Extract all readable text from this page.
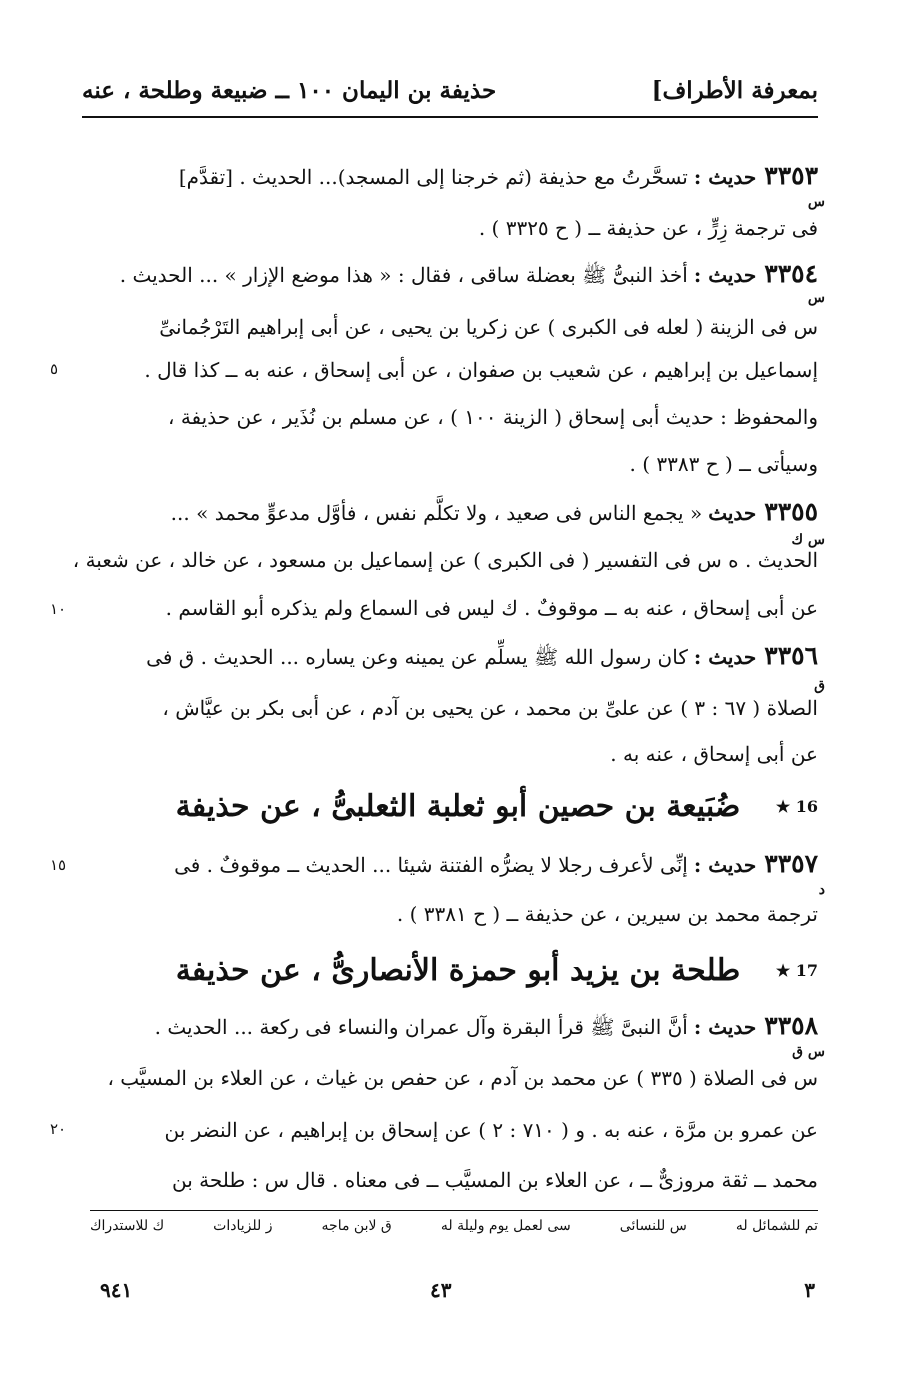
بمعرفة الأطراف]
حذيفة بن اليمان ١٠٠ ــ ضبيعة وطلحة ، عنه
٣٣٥٣حديث :تسحَّرتُ مع حذيفة (ثم خرجنا إلى المسجد)... الحديث . [تقدَّم]
س
فى ترجمة زِرٍّ ، عن حذيفة ــ ( ح ٣٣٢٥ ) .
٣٣٥٤حديث :أخذ النبىُّ ﷺ بعضلة ساقى ، فقال : « هذا موضع الإزار » ... الحديث .
س
س فى الزينة ( لعله فى الكبرى ) عن زكريا بن يحيى ، عن أبى إبراهيم التَرْجُمانىِّ
إسماعيل بن إبراهيم ، عن شعيب بن صفوان ، عن أبى إسحاق ، عنه به ــ كذا قال .
٥
والمحفوظ : حديث أبى إسحاق ( الزينة ١٠٠ ) ، عن مسلم بن نُذَير ، عن حذيفة ،
وسيأتى ــ ( ح ٣٣٨٣ ) .
٣٣٥٥حديث« يجمع الناس فى صعيد ، ولا تكلَّم نفس ، فأوَّل مدعوٍّ محمد » ...
س ك
الحديث . ه س فى التفسير ( فى الكبرى ) عن إسماعيل بن مسعود ، عن خالد ، عن شعبة ،
عن أبى إسحاق ، عنه به ــ موقوفٌ . ك ليس فى السماع ولم يذكره أبو القاسم .
١٠
٣٣٥٦حديث :كان رسول الله ﷺ يسلِّم عن يمينه وعن يساره ... الحديث . ق فى
ق
الصلاة ( ٦٧ : ٣ ) عن علىِّ بن محمد ، عن يحيى بن آدم ، عن أبى بكر بن عيَّاش ،
عن أبى إسحاق ، عنه به .
16 ★
ضُبَيعة بن حصين أبو ثعلبة الثعلبىُّ ، عن حذيفة
٣٣٥٧حديث :إنِّى لأعرف رجلا لا يضرُّه الفتنة شيئا ... الحديث ــ موقوفٌ . فى
١٥
د
ترجمة محمد بن سيرين ، عن حذيفة ــ ( ح ٣٣٨١ ) .
17 ★
طلحة بن يزيد أبو حمزة الأنصارىُّ ، عن حذيفة
٣٣٥٨حديث :أنَّ النبىَّ ﷺ قرأ البقرة وآل عمران والنساء فى ركعة ... الحديث .
س ق
س فى الصلاة ( ٣٣٥ ) عن محمد بن آدم ، عن حفص بن غياث ، عن العلاء بن المسيَّب ،
عن عمرو بن مرَّة ، عنه به . و ( ٧١٠ : ٢ ) عن إسحاق بن إبراهيم ، عن النضر بن
٢٠
محمد ــ ثقة مروزىٌّ ــ ، عن العلاء بن المسيَّب ــ فى معناه . قال س : طلحة بن
تم للشمائل له
س للنسائى
سى لعمل يوم وليلة له
ق لابن ماجه
ز للزيادات
ك للاستدراك
٣
٤٣
٩٤١
